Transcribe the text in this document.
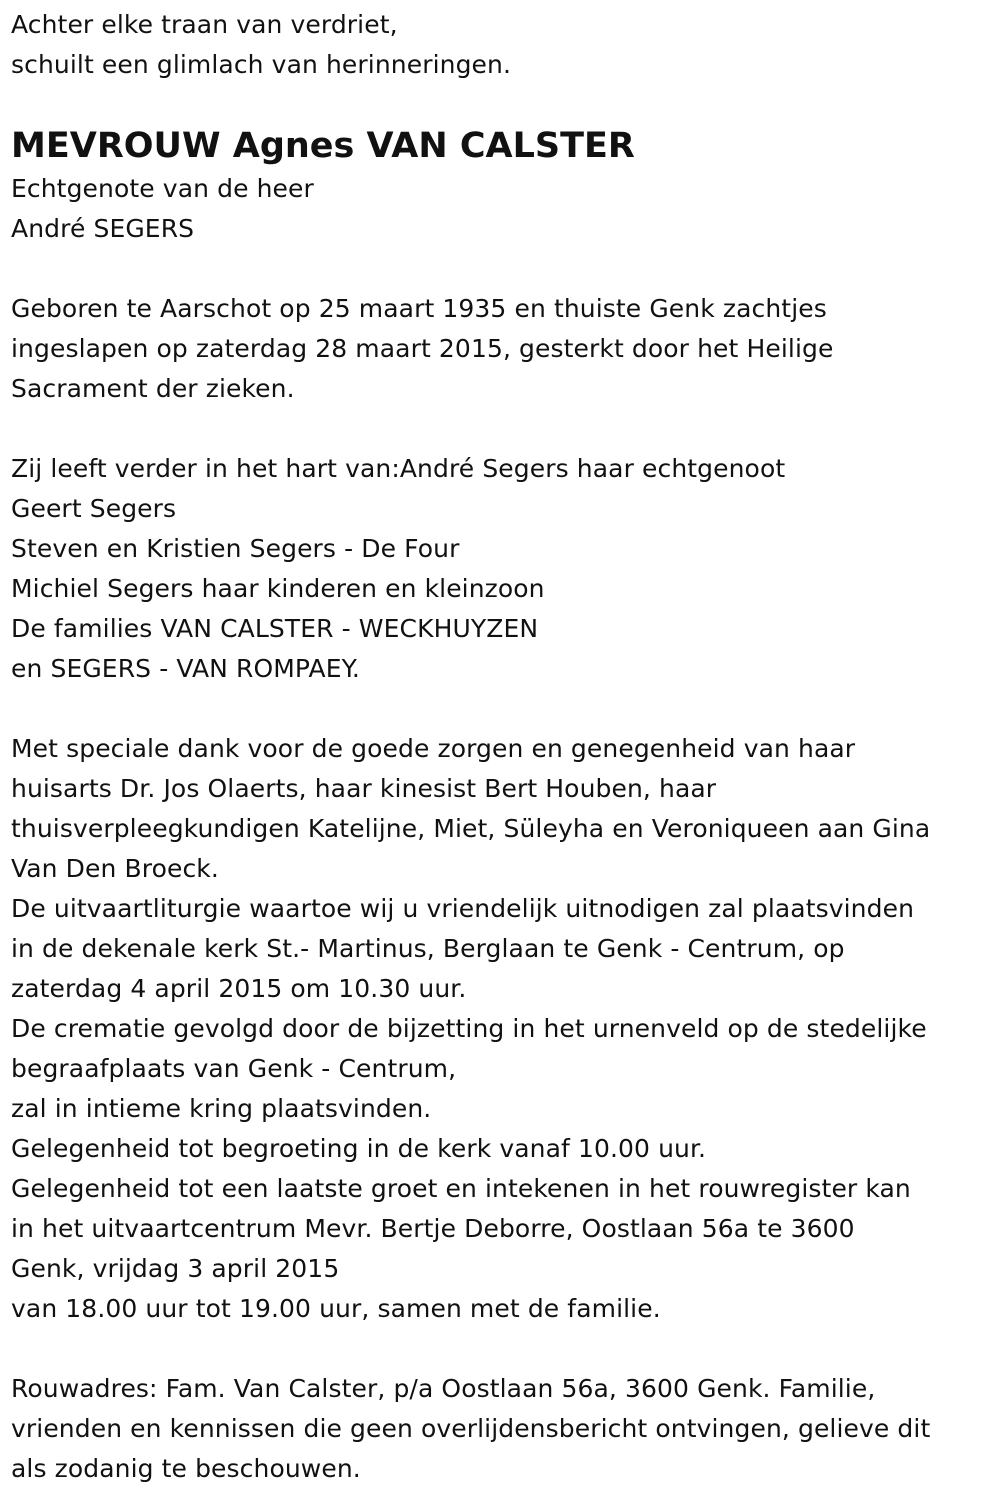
Achter elke traan van verdriet,
schuilt een glimlach van herinneringen.
MEVROUW Agnes VAN CALSTER
Echtgenote van de heer
André SEGERS
Geboren te Aarschot op 25 maart 1935 en thuiste Genk zachtjes
ingeslapen op zaterdag 28 maart 2015, gesterkt door het Heilige
Sacrament der zieken.
Zij leeft verder in het hart van:André Segers haar echtgenoot
Geert Segers
Steven en Kristien Segers - De Four
Michiel Segers haar kinderen en kleinzoon
De families VAN CALSTER - WECKHUYZEN
en SEGERS - VAN ROMPAEY.
Met speciale dank voor de goede zorgen en genegenheid van haar
huisarts Dr. Jos Olaerts, haar kinesist Bert Houben, haar
thuisverpleegkundigen Katelijne, Miet, Süleyha en Veroniqueen aan Gina
Van Den Broeck.
De uitvaartliturgie waartoe wij u vriendelijk uitnodigen zal plaatsvinden
in de dekenale kerk St.- Martinus, Berglaan te Genk - Centrum, op
zaterdag 4 april 2015 om 10.30 uur.
De crematie gevolgd door de bijzetting in het urnenveld op de stedelijke
begraafplaats van Genk - Centrum,
zal in intieme kring plaatsvinden.
Gelegenheid tot begroeting in de kerk vanaf 10.00 uur.
Gelegenheid tot een laatste groet en intekenen in het rouwregister kan
in het uitvaartcentrum Mevr. Bertje Deborre, Oostlaan 56a te 3600
Genk, vrijdag 3 april 2015
van 18.00 uur tot 19.00 uur, samen met de familie.
Rouwadres: Fam. Van Calster, p/a Oostlaan 56a, 3600 Genk. Familie,
vrienden en kennissen die geen overlijdensbericht ontvingen, gelieve dit
als zodanig te beschouwen.
